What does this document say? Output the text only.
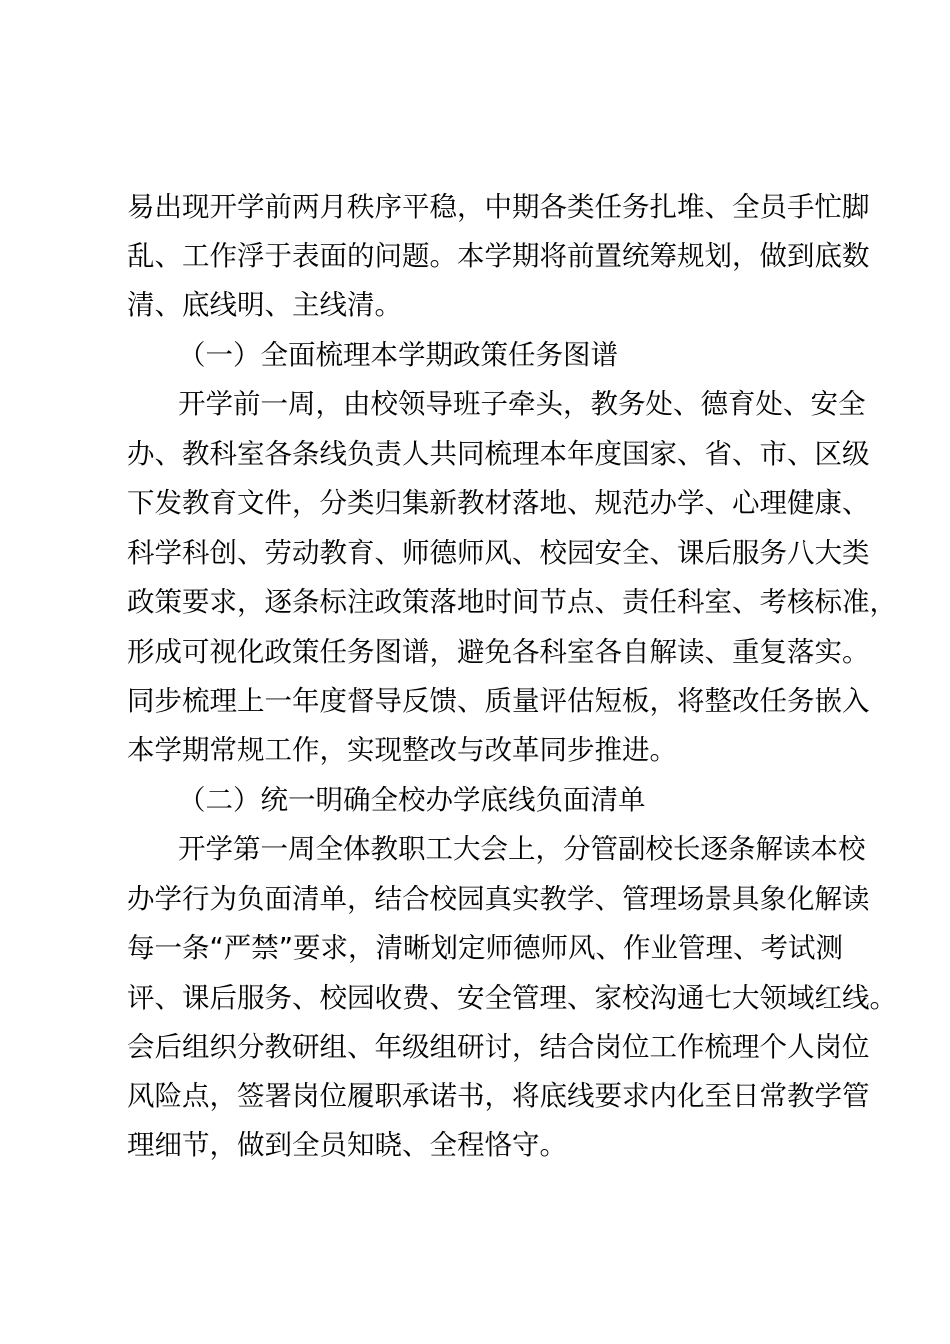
易出现开学前两月秩序平稳，中期各类任务扎堆、全员手忙脚
乱、工作浮于表面的问题。本学期将前置统筹规划，做到底数
清、底线明、主线清。
（一）全面梳理本学期政策任务图谱
开学前一周，由校领导班子牵头，教务处、德育处、安全
办、教科室各条线负责人共同梳理本年度国家、省、市、区级
下发教育文件，分类归集新教材落地、规范办学、心理健康、
科学科创、劳动教育、师德师风、校园安全、课后服务八大类
政策要求，逐条标注政策落地时间节点、责任科室、考核标准，
形成可视化政策任务图谱，避免各科室各自解读、重复落实。
同步梳理上一年度督导反馈、质量评估短板，将整改任务嵌入
本学期常规工作，实现整改与改革同步推进。
（二）统一明确全校办学底线负面清单
开学第一周全体教职工大会上，分管副校长逐条解读本校
办学行为负面清单，结合校园真实教学、管理场景具象化解读
每一条“严禁”要求，清晰划定师德师风、作业管理、考试测
评、课后服务、校园收费、安全管理、家校沟通七大领域红线。
会后组织分教研组、年级组研讨，结合岗位工作梳理个人岗位
风险点，签署岗位履职承诺书，将底线要求内化至日常教学管
理细节，做到全员知晓、全程恪守。
